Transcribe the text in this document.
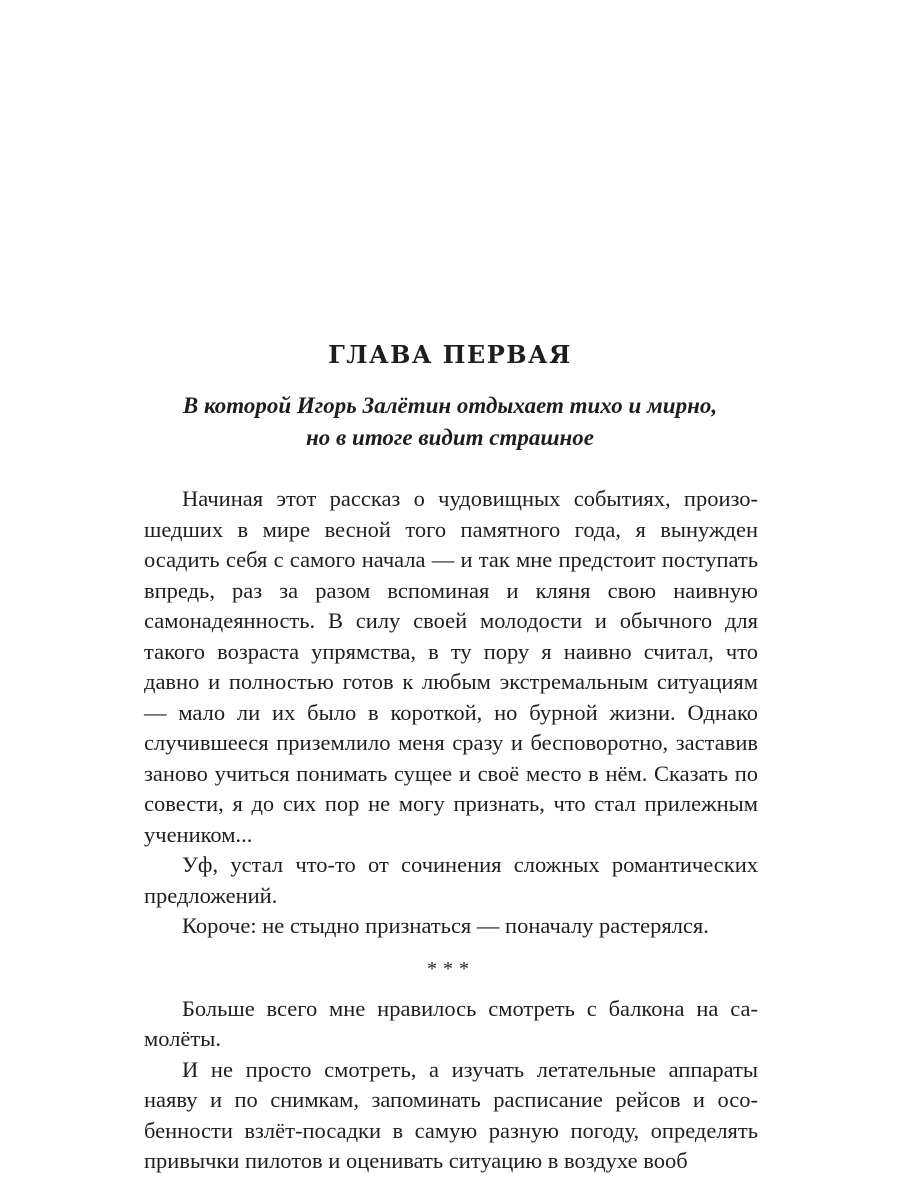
ГЛАВА ПЕРВАЯ
В которой Игорь Залётин отдыхает тихо и мирно,
но в итоге видит страшное

Начиная этот рассказ о чудовищных событиях, произошедших в мире весной того памятного года, я вынужден осадить себя с самого начала — и так мне предстоит поступать впредь, раз за разом вспоминая и кляня свою наивную самонадеянность. В силу своей молодости и обычного для такого возраста упрямства, в ту пору я наивно считал, что давно и полностью готов к любым экстремальным ситуациям — мало ли их было в короткой, но бурной жизни. Однако случившееся приземлило меня сразу и бесповоротно, заставив заново учиться понимать сущее и своё место в нём. Сказать по совести, я до сих пор не могу признать, что стал прилежным учеником...

Уф, устал что-то от сочинения сложных романтических предложений.

Короче: не стыдно признаться — поначалу растерялся.

***

Больше всего мне нравилось смотреть с балкона на самолёты.

И не просто смотреть, а изучать летательные аппараты наяву и по снимкам, запоминать расписание рейсов и особенности взлёт-посадки в самую разную погоду, определять привычки пилотов и оценивать ситуацию в воздухе вооб
